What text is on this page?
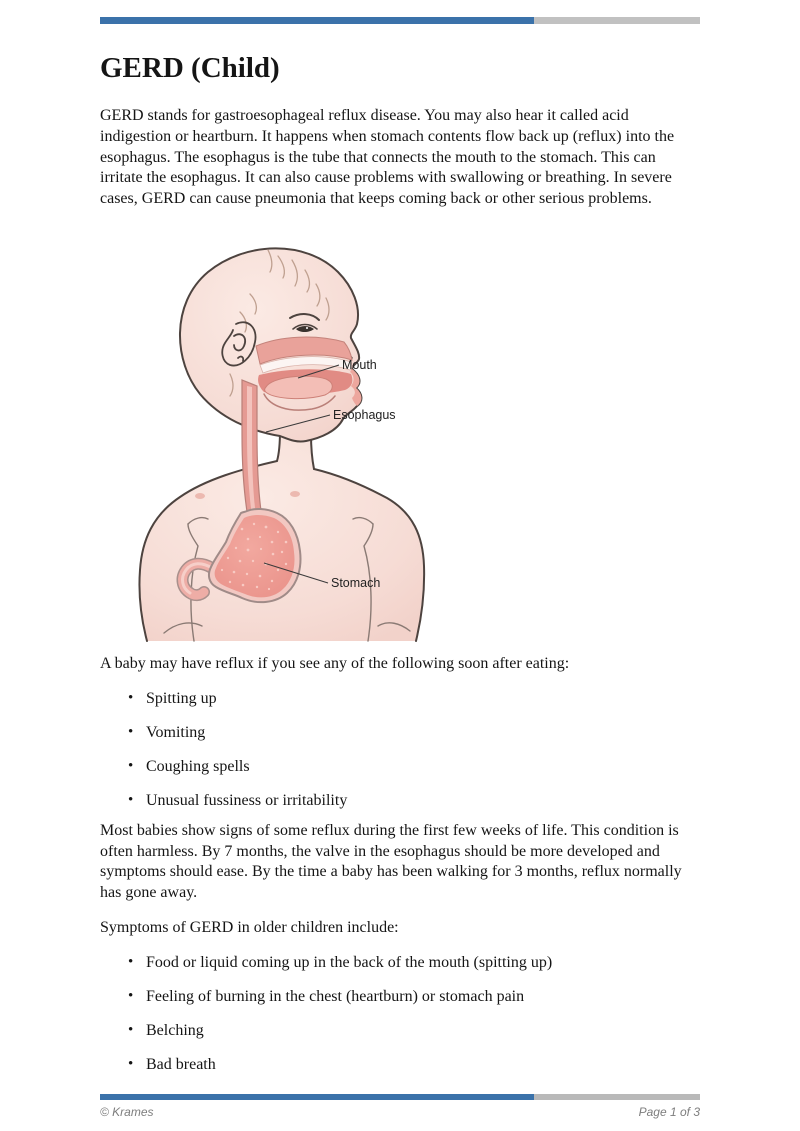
GERD (Child)

GERD stands for gastroesophageal reflux disease. You may also hear it called acid indigestion or heartburn. It happens when stomach contents flow back up (reflux) into the esophagus. The esophagus is the tube that connects the mouth to the stomach. This can irritate the esophagus. It can also cause problems with swallowing or breathing. In severe cases, GERD can cause pneumonia that keeps coming back or other serious problems.

Mouth
Esophagus
Stomach

A baby may have reflux if you see any of the following soon after eating:

• Spitting up
• Vomiting
• Coughing spells
• Unusual fussiness or irritability

Most babies show signs of some reflux during the first few weeks of life. This condition is often harmless. By 7 months, the valve in the esophagus should be more developed and symptoms should ease. By the time a baby has been walking for 3 months, reflux normally has gone away.

Symptoms of GERD in older children include:

• Food or liquid coming up in the back of the mouth (spitting up)
• Feeling of burning in the chest (heartburn) or stomach pain
• Belching
• Bad breath
© Krames	Page 1 of 3
